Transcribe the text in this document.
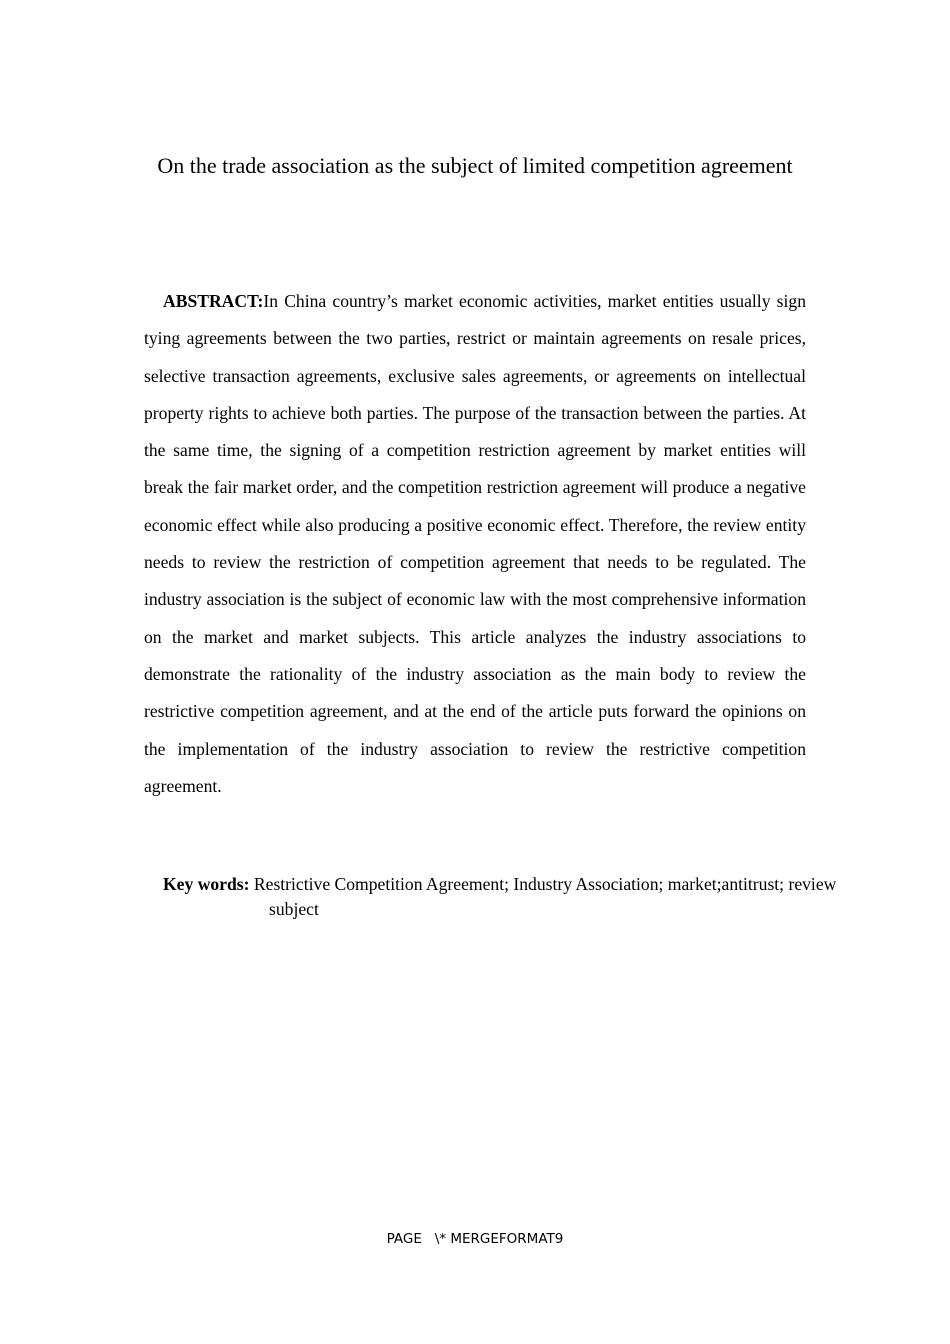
On the trade association as the subject of limited competition agreement

ABSTRACT:In China country’s market economic activities, market entities usually sign tying agreements between the two parties, restrict or maintain agreements on resale prices, selective transaction agreements, exclusive sales agreements, or agreements on intellectual property rights to achieve both parties. The purpose of the transaction between the parties. At the same time, the signing of a competition restriction agreement by market entities will break the fair market order, and the competition restriction agreement will produce a negative economic effect while also producing a positive economic effect. Therefore, the review entity needs to review the restriction of competition agreement that needs to be regulated. The industry association is the subject of economic law with the most comprehensive information on the market and market subjects. This article analyzes the industry associations to demonstrate the rationality of the industry association as the main body to review the restrictive competition agreement, and at the end of the article puts forward the opinions on the implementation of the industry association to review the restrictive competition agreement.

Key words: Restrictive Competition Agreement; Industry Association; market;antitrust; review subject

PAGE   \* MERGEFORMAT9
